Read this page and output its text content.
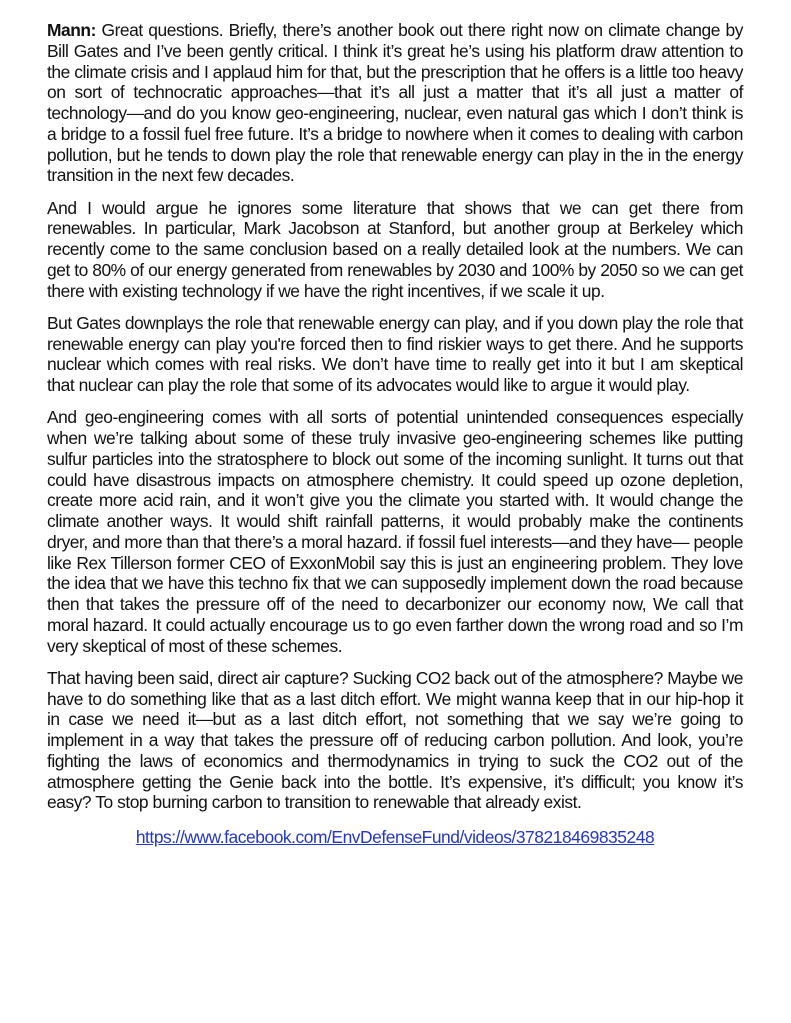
Mann: Great questions. Briefly, there’s another book out there right now on climate change by Bill Gates and I’ve been gently critical. I think it’s great he’s using his platform draw attention to the climate crisis and I applaud him for that, but the prescription that he offers is a little too heavy on sort of technocratic approaches—that it’s all just a matter that it’s all just a matter of technology—and do you know geo-engineering, nuclear, even natural gas which I don’t think is a bridge to a fossil fuel free future. It’s a bridge to nowhere when it comes to dealing with carbon pollution, but he tends to down play the role that renewable energy can play in the in the energy transition in the next few decades.

And I would argue he ignores some literature that shows that we can get there from renewables. In particular, Mark Jacobson at Stanford, but another group at Berkeley which recently come to the same conclusion based on a really detailed look at the numbers. We can get to 80% of our energy generated from renewables by 2030 and 100% by 2050 so we can get there with existing technology if we have the right incentives, if we scale it up.

But Gates downplays the role that renewable energy can play, and if you down play the role that renewable energy can play you're forced then to find riskier ways to get there. And he supports nuclear which comes with real risks. We don’t have time to really get into it but I am skeptical that nuclear can play the role that some of its advocates would like to argue it would play.

And geo-engineering comes with all sorts of potential unintended consequences especially when we’re talking about some of these truly invasive geo-engineering schemes like putting sulfur particles into the stratosphere to block out some of the incoming sunlight. It turns out that could have disastrous impacts on atmosphere chemistry. It could speed up ozone depletion, create more acid rain, and it won’t give you the climate you started with. It would change the climate another ways. It would shift rainfall patterns, it would probably make the continents dryer, and more than that there’s a moral hazard. if fossil fuel interests—and they have— people like Rex Tillerson former CEO of ExxonMobil say this is just an engineering problem. They love the idea that we have this techno fix that we can supposedly implement down the road because then that takes the pressure off of the need to decarbonizer our economy now, We call that moral hazard. It could actually encourage us to go even farther down the wrong road and so I’m very skeptical of most of these schemes.

That having been said, direct air capture? Sucking CO2 back out of the atmosphere? Maybe we have to do something like that as a last ditch effort. We might wanna keep that in our hip-hop it in case we need it—but as a last ditch effort, not something that we say we’re going to implement in a way that takes the pressure off of reducing carbon pollution. And look, you’re fighting the laws of economics and thermodynamics in trying to suck the CO2 out of the atmosphere getting the Genie back into the bottle. It’s expensive, it’s difficult; you know it’s easy? To stop burning carbon to transition to renewable that already exist.

https://www.facebook.com/EnvDefenseFund/videos/378218469835248
